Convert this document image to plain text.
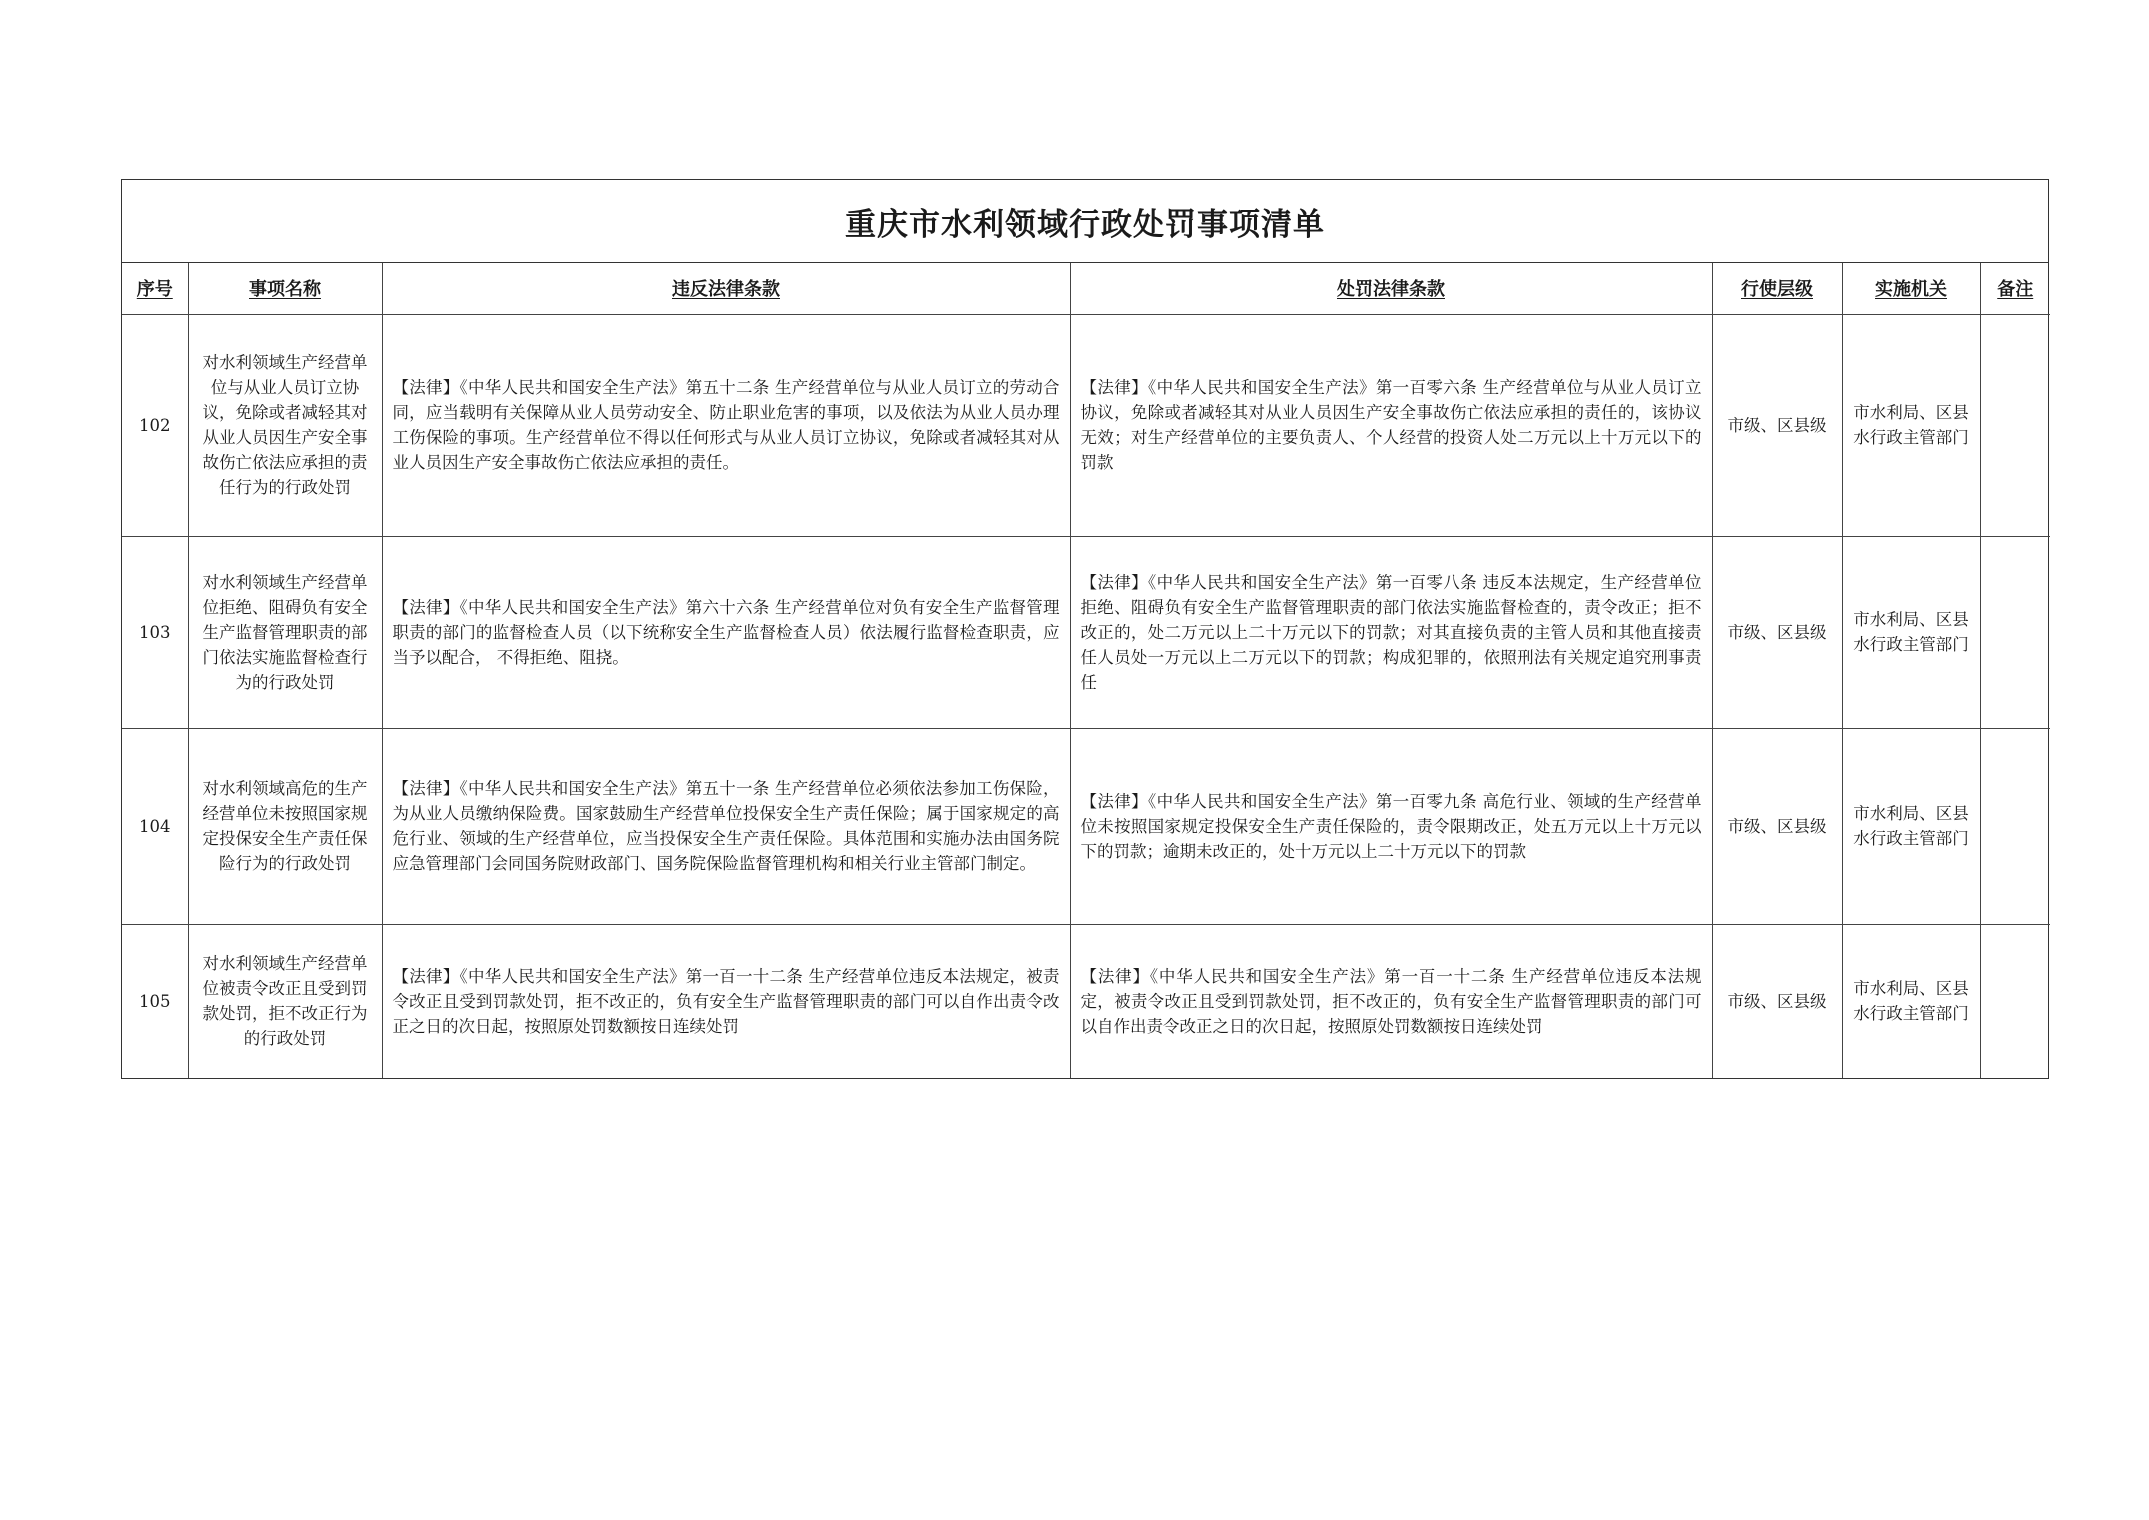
重庆市水利领域行政处罚事项清单
序号	事项名称	违反法律条款	处罚法律条款	行使层级	实施机关	备注
102	对水利领域生产经营单位与从业人员订立协议，免除或者减轻其对从业人员因生产安全事故伤亡依法应承担的责任行为的行政处罚	【法律】《中华人民共和国安全生产法》第五十二条 生产经营单位与从业人员订立的劳动合同，应当载明有关保障从业人员劳动安全、防止职业危害的事项，以及依法为从业人员办理工伤保险的事项。生产经营单位不得以任何形式与从业人员订立协议，免除或者减轻其对从业人员因生产安全事故伤亡依法应承担的责任。	【法律】《中华人民共和国安全生产法》第一百零六条 生产经营单位与从业人员订立协议，免除或者减轻其对从业人员因生产安全事故伤亡依法应承担的责任的，该协议无效；对生产经营单位的主要负责人、个人经营的投资人处二万元以上十万元以下的罚款	市级、区县级	市水利局、区县水行政主管部门	
103	对水利领域生产经营单位拒绝、阻碍负有安全生产监督管理职责的部门依法实施监督检查行为的行政处罚	【法律】《中华人民共和国安全生产法》第六十六条 生产经营单位对负有安全生产监督管理职责的部门的监督检查人员（以下统称安全生产监督检查人员）依法履行监督检查职责，应当予以配合， 不得拒绝、阻挠。	【法律】《中华人民共和国安全生产法》第一百零八条 违反本法规定，生产经营单位拒绝、阻碍负有安全生产监督管理职责的部门依法实施监督检查的，责令改正；拒不改正的，处二万元以上二十万元以下的罚款；对其直接负责的主管人员和其他直接责任人员处一万元以上二万元以下的罚款；构成犯罪的，依照刑法有关规定追究刑事责任	市级、区县级	市水利局、区县水行政主管部门	
104	对水利领域高危的生产经营单位未按照国家规定投保安全生产责任保险行为的行政处罚	【法律】《中华人民共和国安全生产法》第五十一条 生产经营单位必须依法参加工伤保险，为从业人员缴纳保险费。国家鼓励生产经营单位投保安全生产责任保险；属于国家规定的高危行业、领域的生产经营单位，应当投保安全生产责任保险。具体范围和实施办法由国务院应急管理部门会同国务院财政部门、国务院保险监督管理机构和相关行业主管部门制定。	【法律】《中华人民共和国安全生产法》第一百零九条 高危行业、领域的生产经营单位未按照国家规定投保安全生产责任保险的，责令限期改正，处五万元以上十万元以下的罚款；逾期未改正的，处十万元以上二十万元以下的罚款	市级、区县级	市水利局、区县水行政主管部门	
105	对水利领域生产经营单位被责令改正且受到罚款处罚，拒不改正行为的行政处罚	【法律】《中华人民共和国安全生产法》第一百一十二条 生产经营单位违反本法规定，被责令改正且受到罚款处罚，拒不改正的，负有安全生产监督管理职责的部门可以自作出责令改正之日的次日起，按照原处罚数额按日连续处罚	【法律】《中华人民共和国安全生产法》第一百一十二条 生产经营单位违反本法规定，被责令改正且受到罚款处罚，拒不改正的，负有安全生产监督管理职责的部门可以自作出责令改正之日的次日起，按照原处罚数额按日连续处罚	市级、区县级	市水利局、区县水行政主管部门	
